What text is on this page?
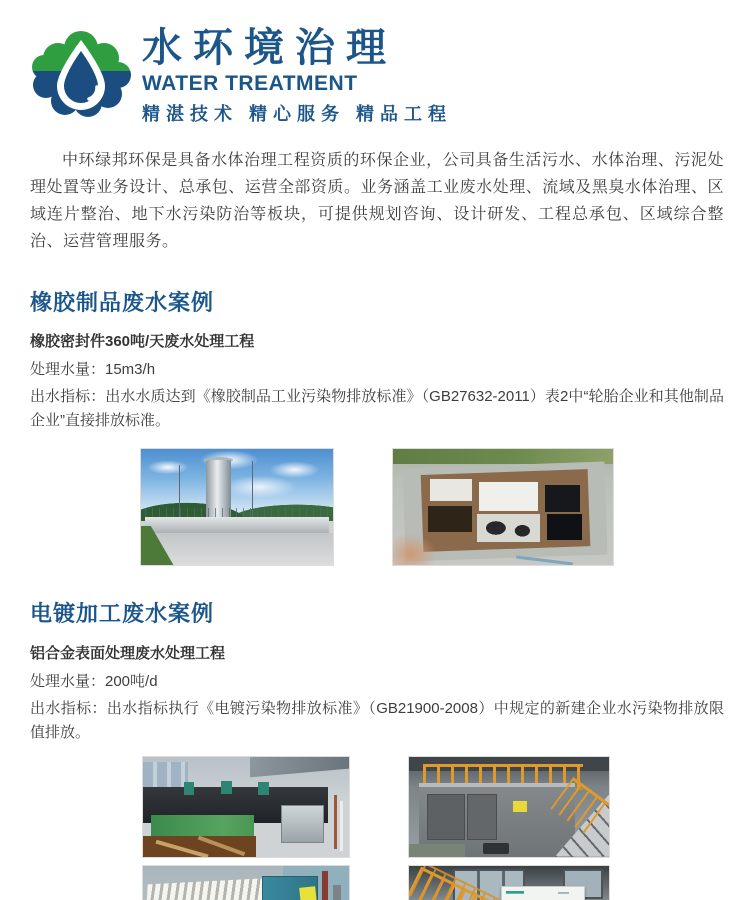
水环境治理
WATER TREATMENT
精湛技术 精心服务 精品工程

中环绿邦环保是具备水体治理工程资质的环保企业，公司具备生活污水、水体治理、污泥处理处置等业务设计、总承包、运营全部资质。业务涵盖工业废水处理、流域及黑臭水体治理、区域连片整治、地下水污染防治等板块，可提供规划咨询、设计研发、工程总承包、区域综合整治、运营管理服务。

橡胶制品废水案例
橡胶密封件360吨/天废水处理工程
处理水量：15m3/h
出水指标：出水水质达到《橡胶制品工业污染物排放标准》（GB27632-2011）表2中“轮胎企业和其他制品企业”直接排放标准。
电镀加工废水案例
铝合金表面处理废水处理工程
处理水量：200吨/d
出水指标：出水指标执行《电镀污染物排放标准》（GB21900-2008）中规定的新建企业水污染物排放限值排放。
